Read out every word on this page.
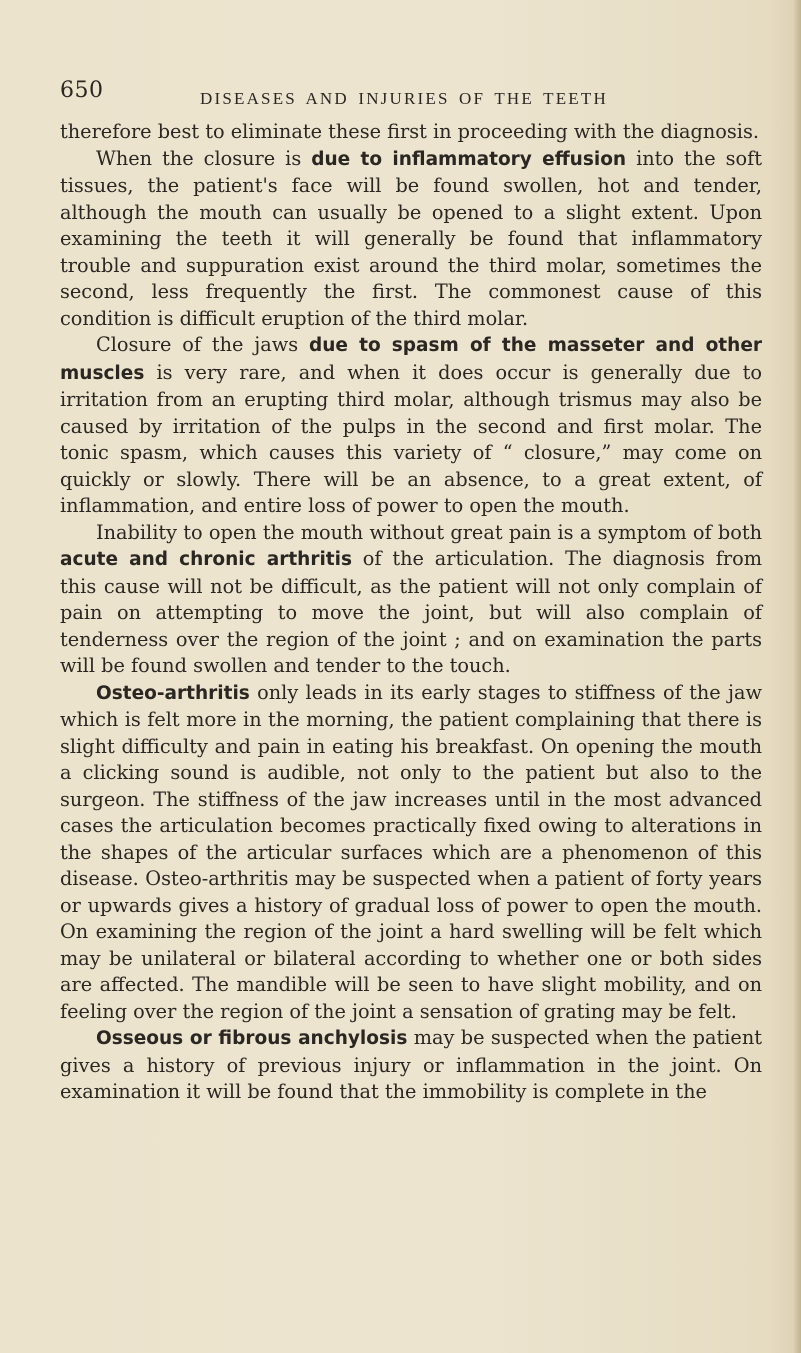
650	DISEASES AND INJURIES OF THE TEETH

therefore best to eliminate these first in proceeding with the diagnosis.

When the closure is due to inflammatory effusion into the soft tissues, the patient's face will be found swollen, hot and tender, although the mouth can usually be opened to a slight extent. Upon examining the teeth it will generally be found that inflammatory trouble and suppuration exist around the third molar, sometimes the second, less frequently the first. The commonest cause of this condition is difficult eruption of the third molar.

Closure of the jaws due to spasm of the masseter and other muscles is very rare, and when it does occur is generally due to irritation from an erupting third molar, although trismus may also be caused by irritation of the pulps in the second and first molar. The tonic spasm, which causes this variety of “ closure,” may come on quickly or slowly. There will be an absence, to a great extent, of inflammation, and entire loss of power to open the mouth.

Inability to open the mouth without great pain is a symptom of both acute and chronic arthritis of the articulation. The diagnosis from this cause will not be difficult, as the patient will not only complain of pain on attempting to move the joint, but will also complain of tenderness over the region of the joint ; and on examination the parts will be found swollen and tender to the touch.

Osteo-arthritis only leads in its early stages to stiffness of the jaw which is felt more in the morning, the patient complaining that there is slight difficulty and pain in eating his breakfast. On opening the mouth a clicking sound is audible, not only to the patient but also to the surgeon. The stiffness of the jaw increases until in the most advanced cases the articulation becomes practically fixed owing to alterations in the shapes of the articular surfaces which are a phenomenon of this disease. Osteo-arthritis may be suspected when a patient of forty years or upwards gives a history of gradual loss of power to open the mouth. On examining the region of the joint a hard swelling will be felt which may be unilateral or bilateral according to whether one or both sides are affected. The mandible will be seen to have slight mobility, and on feeling over the region of the joint a sensation of grating may be felt.

Osseous or fibrous anchylosis may be suspected when the patient gives a history of previous injury or inflammation in the joint. On examination it will be found that the immobility is complete in the
